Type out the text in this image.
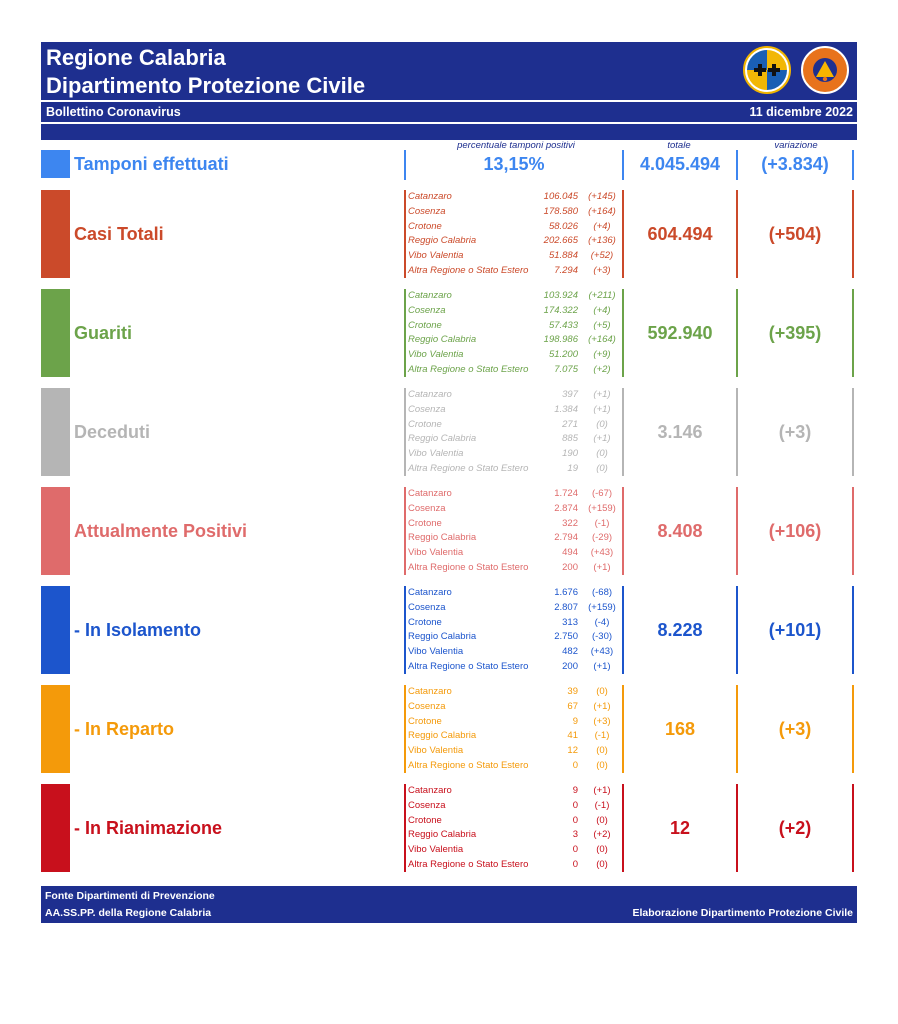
Regione Calabria
Dipartimento Protezione Civile
Bollettino Coronavirus	11 dicembre 2022
percentuale tamponi positivi	totale	variazione
Tamponi effettuati	13,15%	4.045.494	(+3.834)
Casi Totali
Catanzaro	106.045	(+145)
Cosenza	178.580	(+164)
Crotone	58.026	(+4)
Reggio Calabria	202.665	(+136)
Vibo Valentia	51.884	(+52)
Altra Regione o Stato Estero	7.294	(+3)
604.494	(+504)
Guariti
Catanzaro	103.924	(+211)
Cosenza	174.322	(+4)
Crotone	57.433	(+5)
Reggio Calabria	198.986	(+164)
Vibo Valentia	51.200	(+9)
Altra Regione o Stato Estero	7.075	(+2)
592.940	(+395)
Deceduti
Catanzaro	397	(+1)
Cosenza	1.384	(+1)
Crotone	271	(0)
Reggio Calabria	885	(+1)
Vibo Valentia	190	(0)
Altra Regione o Stato Estero	19	(0)
3.146	(+3)
Attualmente Positivi
Catanzaro	1.724	(-67)
Cosenza	2.874	(+159)
Crotone	322	(-1)
Reggio Calabria	2.794	(-29)
Vibo Valentia	494	(+43)
Altra Regione o Stato Estero	200	(+1)
8.408	(+106)
- In Isolamento
Catanzaro	1.676	(-68)
Cosenza	2.807	(+159)
Crotone	313	(-4)
Reggio Calabria	2.750	(-30)
Vibo Valentia	482	(+43)
Altra Regione o Stato Estero	200	(+1)
8.228	(+101)
- In Reparto
Catanzaro	39	(0)
Cosenza	67	(+1)
Crotone	9	(+3)
Reggio Calabria	41	(-1)
Vibo Valentia	12	(0)
Altra Regione o Stato Estero	0	(0)
168	(+3)
- In Rianimazione
Catanzaro	9	(+1)
Cosenza	0	(-1)
Crotone	0	(0)
Reggio Calabria	3	(+2)
Vibo Valentia	0	(0)
Altra Regione o Stato Estero	0	(0)
12	(+2)
Fonte Dipartimenti di Prevenzione
AA.SS.PP. della Regione Calabria	Elaborazione Dipartimento Protezione Civile
